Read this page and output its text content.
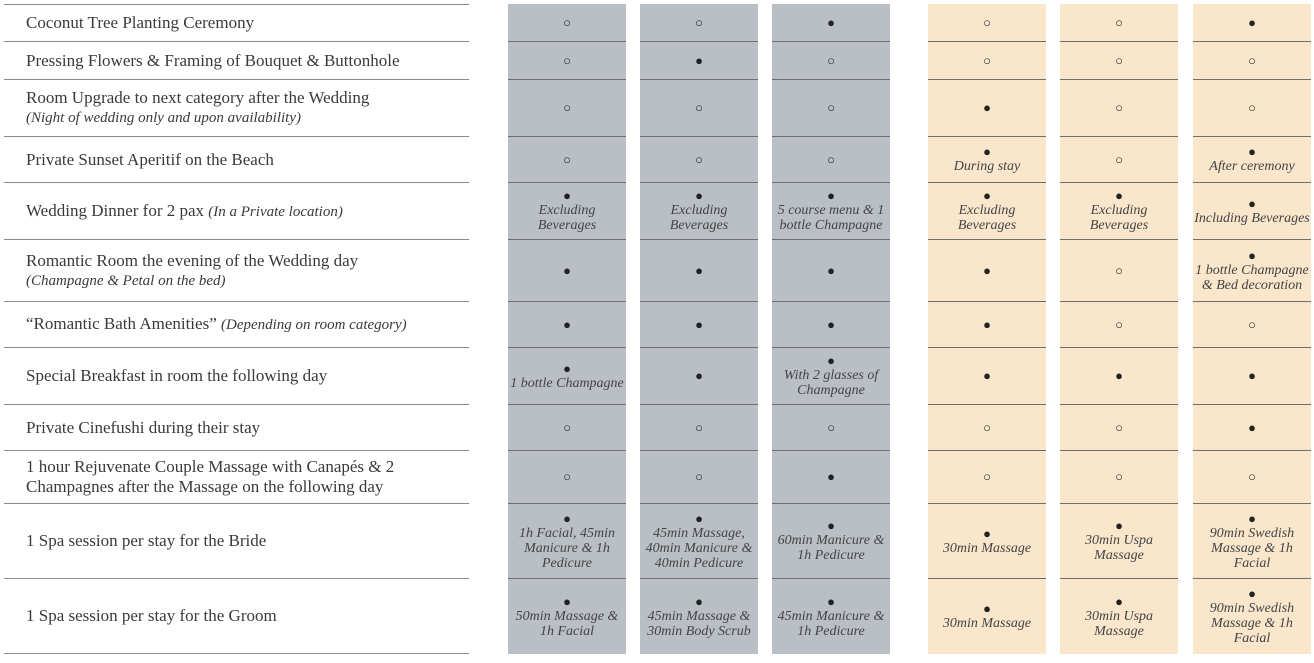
Coconut Tree Planting Ceremony
Pressing Flowers & Framing of Bouquet & Buttonhole
Room Upgrade to next category after the Wedding
(Night of wedding only and upon availability)
Private Sunset Aperitif on the Beach
Wedding Dinner for 2 pax (In a Private location)
Romantic Room the evening of the Wedding day
(Champagne & Petal on the bed)
“Romantic Bath Amenities” (Depending on room category)
Special Breakfast in room the following day
Private Cinefushi during their stay
1 hour Rejuvenate Couple Massage with Canapés & 2 Champagnes after the Massage on the following day
1 Spa session per stay for the Bride
1 Spa session per stay for the Groom
○
○
○
○
●
Excluding Beverages
●
●
●
1 bottle Champagne
○
○
●
1h Facial, 45min Manicure & 1h Pedicure
●
50min Massage & 1h Facial
○
●
○
○
●
Excluding Beverages
●
●
●
○
○
●
45min Massage, 40min Manicure & 40min Pedicure
●
45min Massage & 30min Body Scrub
●
○
○
○
●
5 course menu & 1 bottle Champagne
●
●
●
With 2 glasses of Champagne
○
●
●
60min Manicure & 1h Pedicure
●
45min Manicure & 1h Pedicure
○
○
●
●
During stay
●
Excluding Beverages
●
●
●
○
○
●
30min Massage
●
30min Massage
○
○
○
○
●
Excluding Beverages
○
○
●
○
○
●
30min Uspa Massage
●
30min Uspa Massage
●
○
○
●
After ceremony
●
Including Beverages
●
1 bottle Champagne & Bed decoration
○
●
●
○
●
90min Swedish Massage & 1h Facial
●
90min Swedish Massage & 1h Facial
